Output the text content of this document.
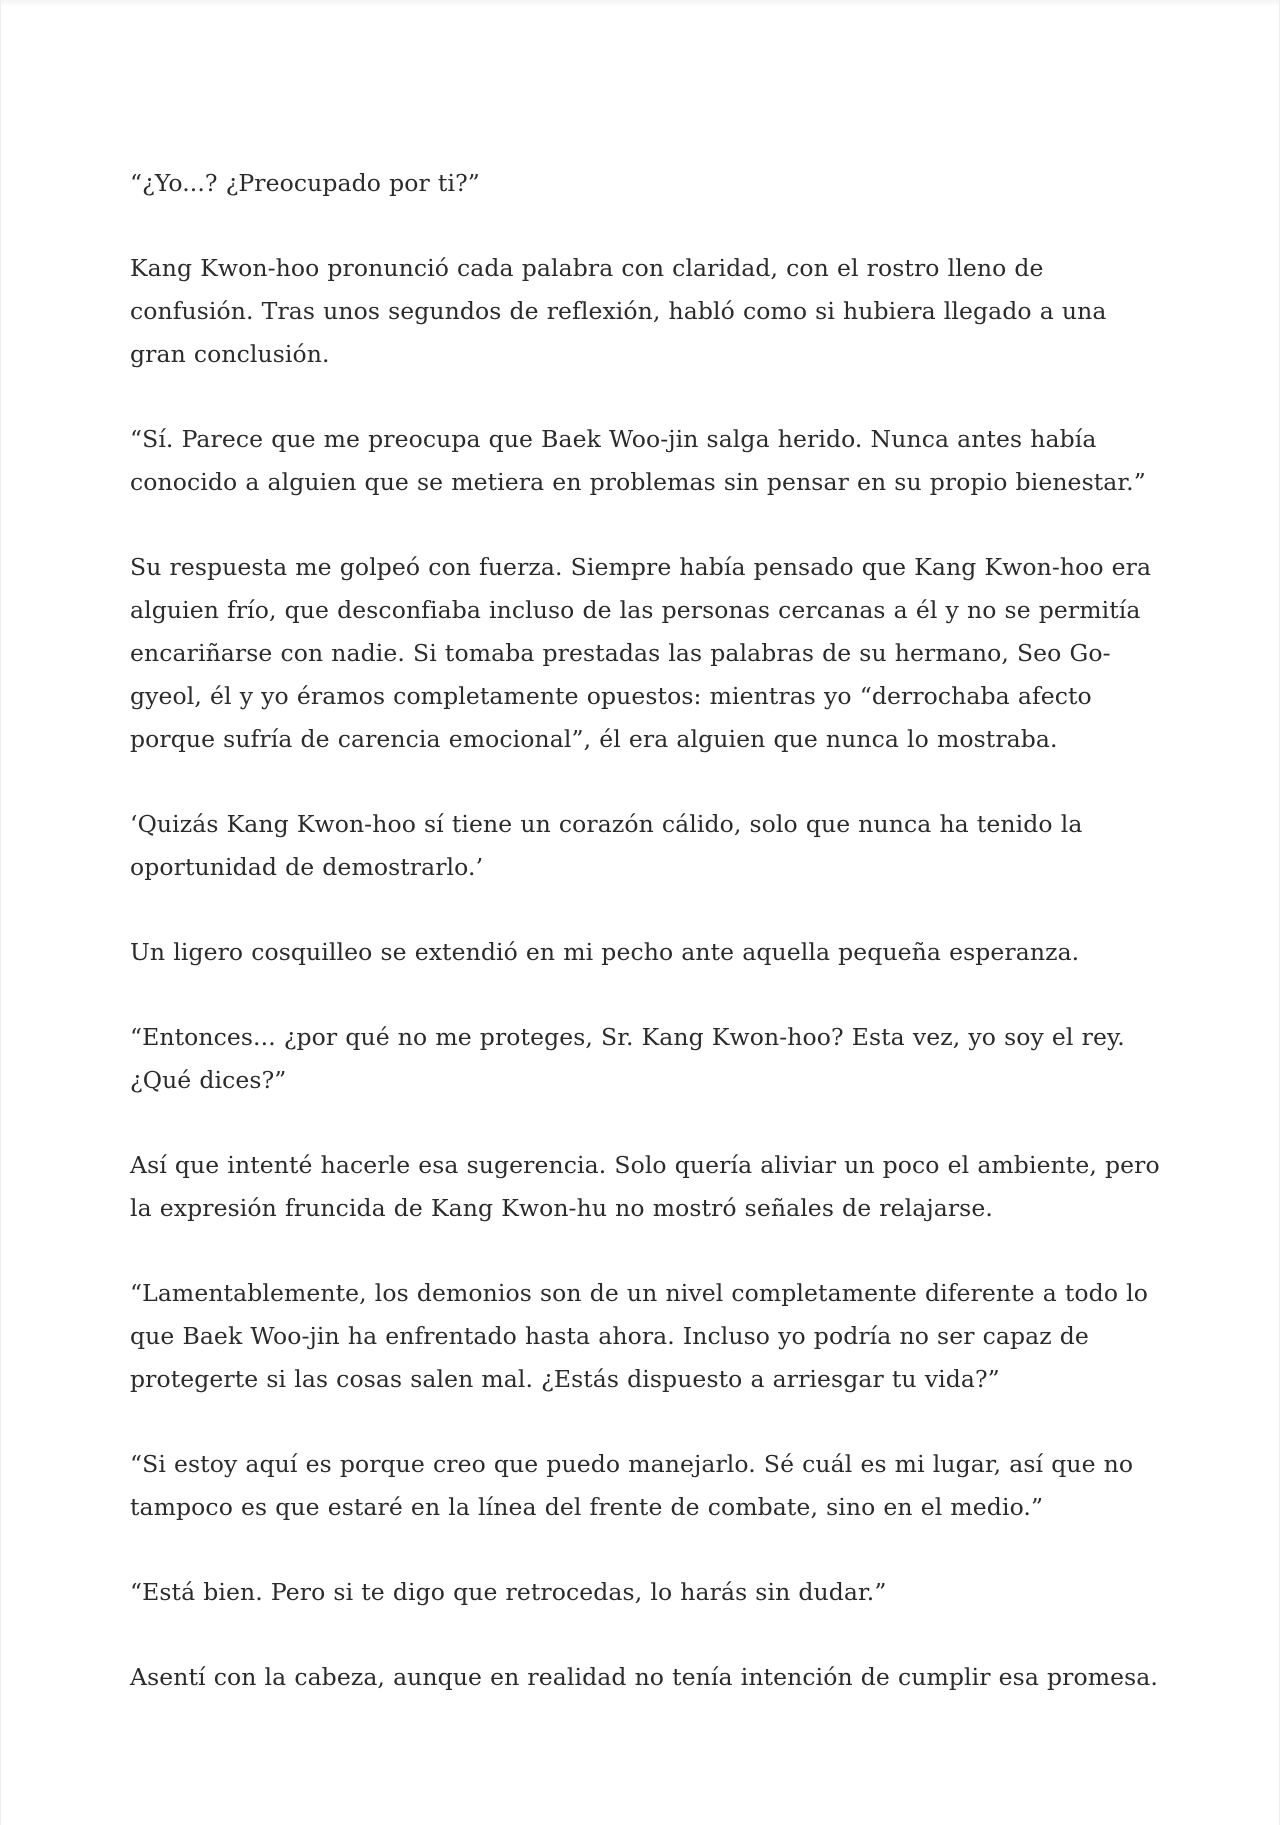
“¿Yo...? ¿Preocupado por ti?”

Kang Kwon-hoo pronunció cada palabra con claridad, con el rostro lleno de confusión. Tras unos segundos de reflexión, habló como si hubiera llegado a una gran conclusión.

“Sí. Parece que me preocupa que Baek Woo-jin salga herido. Nunca antes había conocido a alguien que se metiera en problemas sin pensar en su propio bienestar.”

Su respuesta me golpeó con fuerza. Siempre había pensado que Kang Kwon-hoo era alguien frío, que desconfiaba incluso de las personas cercanas a él y no se permitía encariñarse con nadie. Si tomaba prestadas las palabras de su hermano, Seo Go-gyeol, él y yo éramos completamente opuestos: mientras yo “derrochaba afecto porque sufría de carencia emocional”, él era alguien que nunca lo mostraba.

‘Quizás Kang Kwon-hoo sí tiene un corazón cálido, solo que nunca ha tenido la oportunidad de demostrarlo.’

Un ligero cosquilleo se extendió en mi pecho ante aquella pequeña esperanza.

“Entonces... ¿por qué no me proteges, Sr. Kang Kwon-hoo? Esta vez, yo soy el rey. ¿Qué dices?”

Así que intenté hacerle esa sugerencia. Solo quería aliviar un poco el ambiente, pero la expresión fruncida de Kang Kwon-hu no mostró señales de relajarse.

“Lamentablemente, los demonios son de un nivel completamente diferente a todo lo que Baek Woo-jin ha enfrentado hasta ahora. Incluso yo podría no ser capaz de protegerte si las cosas salen mal. ¿Estás dispuesto a arriesgar tu vida?”

“Si estoy aquí es porque creo que puedo manejarlo. Sé cuál es mi lugar, así que no tampoco es que estaré en la línea del frente de combate, sino en el medio.”

“Está bien. Pero si te digo que retrocedas, lo harás sin dudar.”

Asentí con la cabeza, aunque en realidad no tenía intención de cumplir esa promesa.
